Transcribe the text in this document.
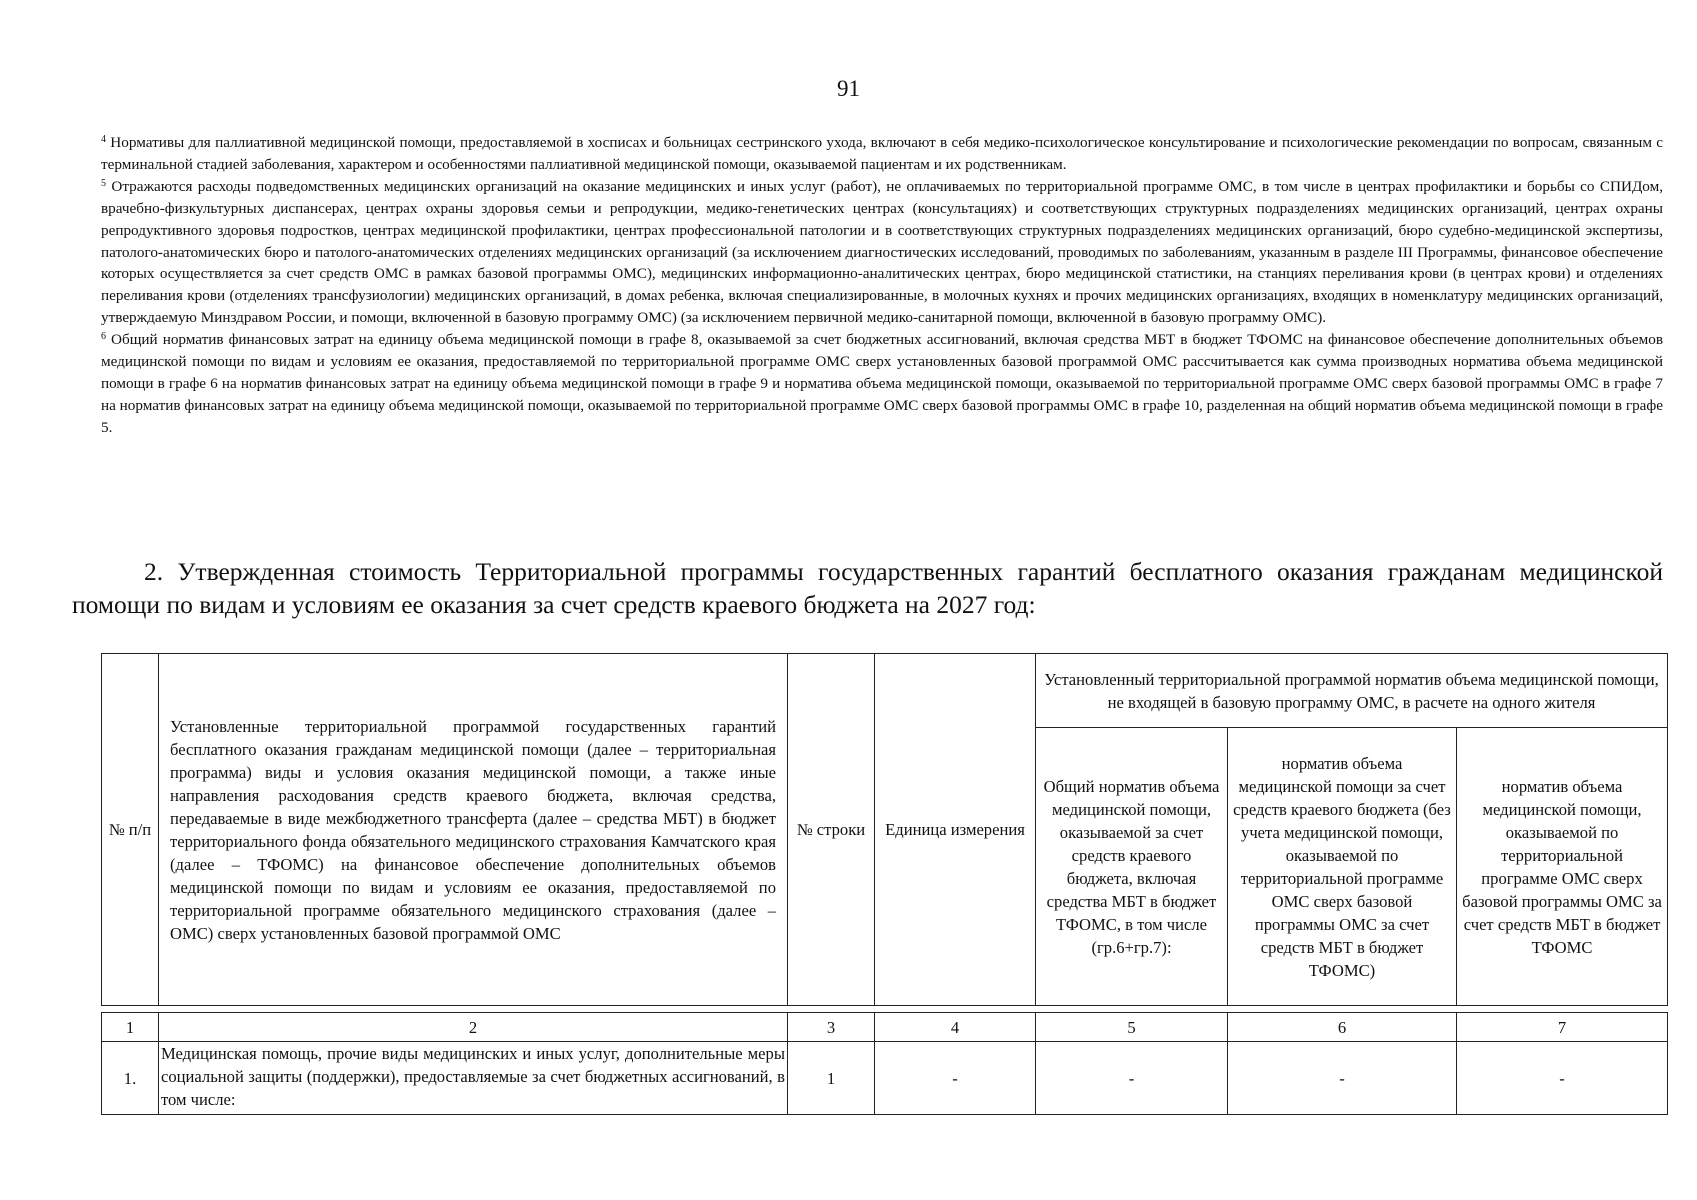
91

$^4$ Нормативы для паллиативной медицинской помощи, предоставляемой в хосписах и больницах сестринского ухода, включают в себя медико-психологическое консультирование и психологические рекомендации по вопросам, связанным с терминальной стадией заболевания, характером и особенностями паллиативной медицинской помощи, оказываемой пациентам и их родственникам.

$^5$ Отражаются расходы подведомственных медицинских организаций на оказание медицинских и иных услуг (работ), не оплачиваемых по территориальной программе ОМС, в том числе в центрах профилактики и борьбы со СПИДом, врачебно-физкультурных диспансерах, центрах охраны здоровья семьи и репродукции, медико-генетических центрах (консультациях) и соответствующих структурных подразделениях медицинских организаций, центрах охраны репродуктивного здоровья подростков, центрах медицинской профилактики, центрах профессиональной патологии и в соответствующих структурных подразделениях медицинских организаций, бюро судебно-медицинской экспертизы, патолого-анатомических бюро и патолого-анатомических отделениях медицинских организаций (за исключением диагностических исследований, проводимых по заболеваниям, указанным в разделе III Программы, финансовое обеспечение которых осуществляется за счет средств ОМС в рамках базовой программы ОМС), медицинских информационно-аналитических центрах, бюро медицинской статистики, на станциях переливания крови (в центрах крови) и отделениях переливания крови (отделениях трансфузиологии) медицинских организаций, в домах ребенка, включая специализированные, в молочных кухнях и прочих медицинских организациях, входящих в номенклатуру медицинских организаций, утверждаемую Минздравом России, и помощи, включенной в базовую программу ОМС) (за исключением первичной медико-санитарной помощи, включенной в базовую программу ОМС).

$^6$ Общий норматив финансовых затрат на единицу объема медицинской помощи в графе 8, оказываемой за счет бюджетных ассигнований, включая средства МБТ в бюджет ТФОМС на финансовое обеспечение дополнительных объемов медицинской помощи по видам и условиям ее оказания, предоставляемой по территориальной программе ОМС сверх установленных базовой программой ОМС рассчитывается как сумма производных норматива объема медицинской помощи в графе 6 на норматив финансовых затрат на единицу объема медицинской помощи в графе 9 и норматива объема медицинской помощи, оказываемой по территориальной программе ОМС сверх базовой программы ОМС в графе 7 на норматив финансовых затрат на единицу объема медицинской помощи, оказываемой по территориальной программе ОМС сверх базовой программы ОМС в графе 10, разделенная на общий норматив объема медицинской помощи в графе 5.

2. Утвержденная стоимость Территориальной программы государственных гарантий бесплатного оказания гражданам медицинской помощи по видам и условиям ее оказания за счет средств краевого бюджета на 2027 год:

№ п/п	Установленные территориальной программой государственных гарантий бесплатного оказания гражданам медицинской помощи (далее – территориальная программа) виды и условия оказания медицинской помощи, а также иные направления расходования средств краевого бюджета, включая средства, передаваемые в виде межбюджетного трансферта (далее – средства МБТ) в бюджет территориального фонда обязательного медицинского страхования Камчатского края (далее – ТФОМС) на финансовое обеспечение дополнительных объемов медицинской помощи по видам и условиям ее оказания, предоставляемой по территориальной программе обязательного медицинского страхования (далее – ОМС) сверх установленных базовой программой ОМС	№ строки	Единица измерения	Установленный территориальной программой норматив объема медицинской помощи, не входящей в базовую программу ОМС, в расчете на одного жителя		
				Общий норматив объема медицинской помощи, оказываемой за счет средств краевого бюджета, включая средства МБТ в бюджет ТФОМС, в том числе (гр.6+гр.7):	норматив объема медицинской помощи за счет средств краевого бюджета (без учета медицинской помощи, оказываемой по территориальной программе ОМС сверх базовой программы ОМС за счет средств МБТ в бюджет ТФОМС)	норматив объема медицинской помощи, оказываемой по территориальной программе ОМС сверх базовой программы ОМС за счет средств МБТ в бюджет ТФОМС

1	2	3	4	5	6	7
1.	Медицинская помощь, прочие виды медицинских и иных услуг, дополнительные меры социальной защиты (поддержки), предоставляемые за счет бюджетных ассигнований, в том числе:	1	-	-	-	-
